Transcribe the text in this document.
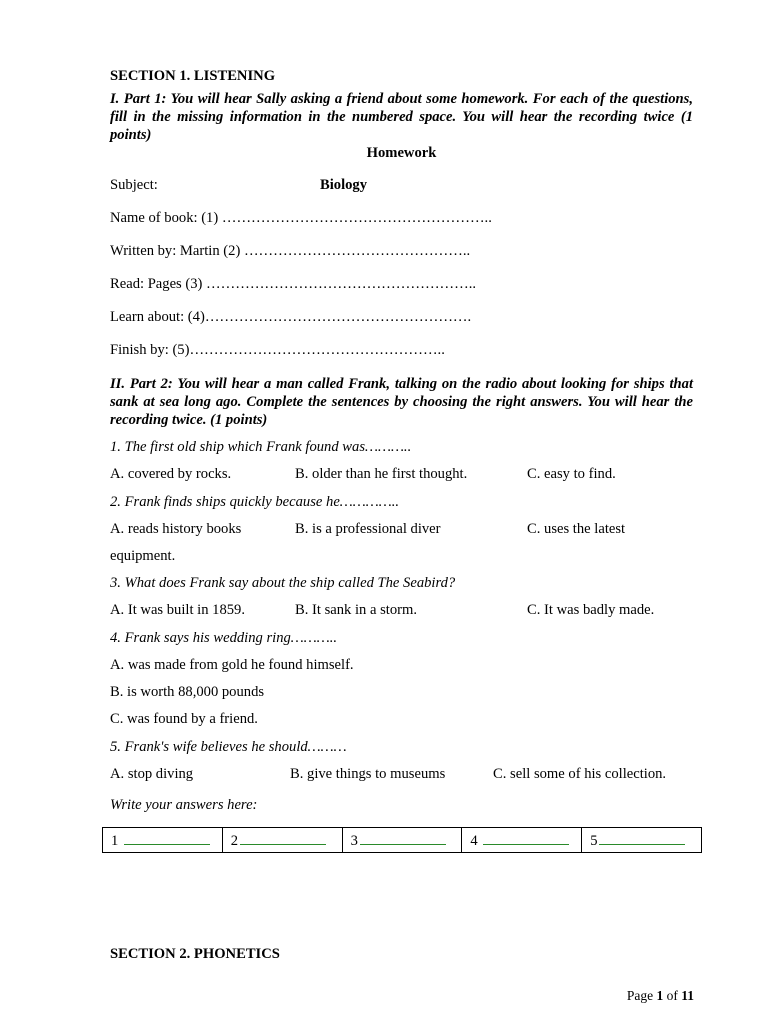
SECTION 1. LISTENING
I. Part 1: You will hear Sally asking a friend about some homework. For each of the questions, fill in the missing information in the numbered space. You will hear the recording twice (1 points)
Homework
Subject:	Biology
Name of book: (1) ………………………………………………..
Written by: Martin (2) ………………………………………..
Read: Pages (3) ………………………………………………..
Learn about: (4)……………………………………………….
Finish by: (5)……………………………………………..
II. Part 2: You will hear a man called Frank, talking on the radio about looking for ships that sank at sea long ago. Complete the sentences by choosing the right answers. You will hear the recording twice. (1 points)
1. The first old ship which Frank found was………..
A. covered by rocks.	B. older than he first thought.	C. easy to find.
2. Frank finds ships quickly because he…………..
A. reads history books	B. is a professional diver	C. uses the latest
equipment.
3. What does Frank say about the ship called The Seabird?
A. It was built in 1859.	B. It sank in a storm.	C. It was badly made.
4. Frank says his wedding ring………..
A. was made from gold he found himself.
B. is worth 88,000 pounds
C. was found by a friend.
5. Frank's wife believes he should………
A. stop diving	B. give things to museums	C. sell some of his collection.
Write your answers here:
1	2	3	4	5
SECTION 2. PHONETICS
Page 1 of 11
